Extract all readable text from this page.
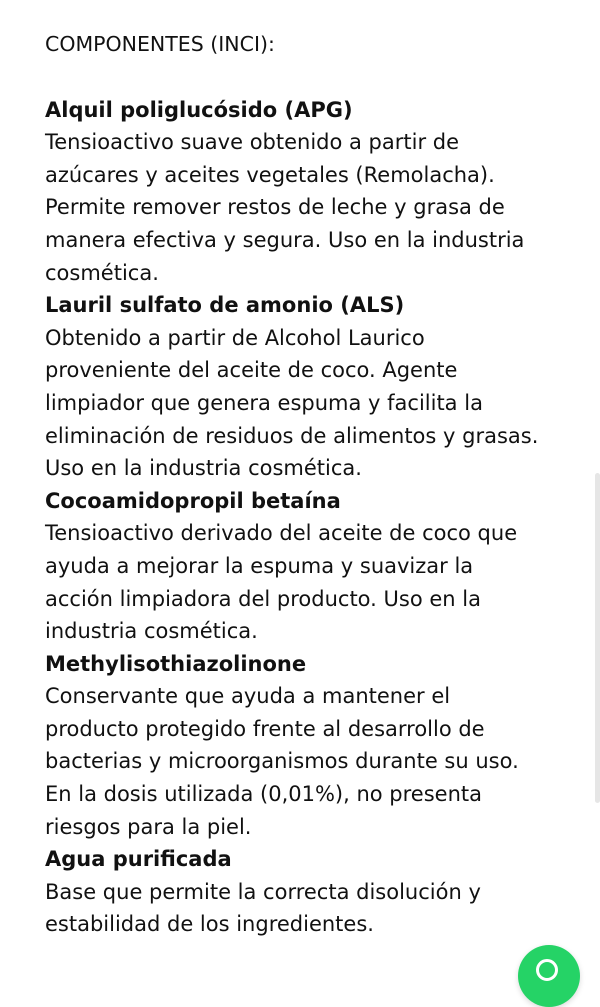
COMPONENTES (INCI):

Alquil poliglucósido (APG)

Tensioactivo suave obtenido a partir de azúcares y aceites vegetales (Remolacha). Permite remover restos de leche y grasa de manera efectiva y segura. Uso en la industria cosmética.

Lauril sulfato de amonio (ALS)

Obtenido a partir de Alcohol Laurico proveniente del aceite de coco. Agente limpiador que genera espuma y facilita la eliminación de residuos de alimentos y grasas. Uso en la industria cosmética.

Cocoamidopropil betaína

Tensioactivo derivado del aceite de coco que ayuda a mejorar la espuma y suavizar la acción limpiadora del producto. Uso en la industria cosmética.

Methylisothiazolinone

Conservante que ayuda a mantener el producto protegido frente al desarrollo de bacterias y microorganismos durante su uso. En la dosis utilizada (0,01%), no presenta riesgos para la piel.

Agua purificada

Base que permite la correcta disolución y estabilidad de los ingredientes.
